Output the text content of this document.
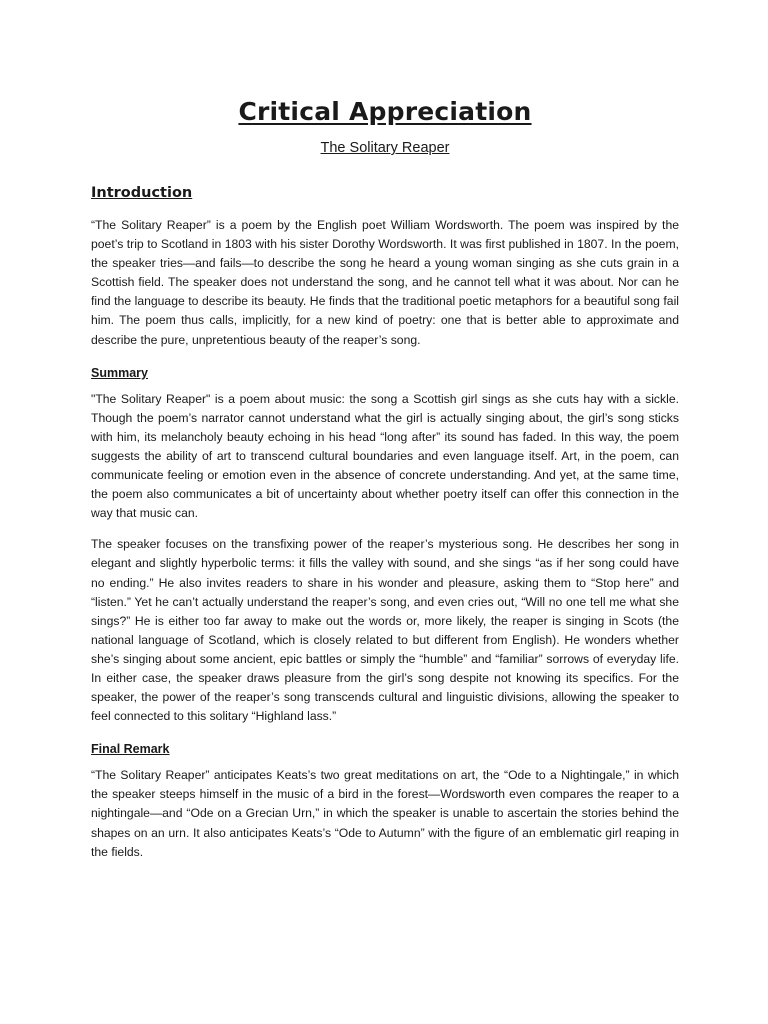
Critical Appreciation
The Solitary Reaper
Introduction

“The Solitary Reaper” is a poem by the English poet William Wordsworth. The poem was inspired by the poet’s trip to Scotland in 1803 with his sister Dorothy Wordsworth. It was first published in 1807. In the poem, the speaker tries—and fails—to describe the song he heard a young woman singing as she cuts grain in a Scottish field. The speaker does not understand the song, and he cannot tell what it was about. Nor can he find the language to describe its beauty. He finds that the traditional poetic metaphors for a beautiful song fail him. The poem thus calls, implicitly, for a new kind of poetry: one that is better able to approximate and describe the pure, unpretentious beauty of the reaper’s song.

Summary

"The Solitary Reaper" is a poem about music: the song a Scottish girl sings as she cuts hay with a sickle. Though the poem’s narrator cannot understand what the girl is actually singing about, the girl’s song sticks with him, its melancholy beauty echoing in his head “long after” its sound has faded. In this way, the poem suggests the ability of art to transcend cultural boundaries and even language itself. Art, in the poem, can communicate feeling or emotion even in the absence of concrete understanding. And yet, at the same time, the poem also communicates a bit of uncertainty about whether poetry itself can offer this connection in the way that music can.

The speaker focuses on the transfixing power of the reaper’s mysterious song. He describes her song in elegant and slightly hyperbolic terms: it fills the valley with sound, and she sings “as if her song could have no ending.” He also invites readers to share in his wonder and pleasure, asking them to “Stop here” and “listen.” Yet he can’t actually understand the reaper’s song, and even cries out, “Will no one tell me what she sings?” He is either too far away to make out the words or, more likely, the reaper is singing in Scots (the national language of Scotland, which is closely related to but different from English). He wonders whether she’s singing about some ancient, epic battles or simply the “humble” and “familiar” sorrows of everyday life. In either case, the speaker draws pleasure from the girl’s song despite not knowing its specifics. For the speaker, the power of the reaper’s song transcends cultural and linguistic divisions, allowing the speaker to feel connected to this solitary “Highland lass.”

Final Remark

“The Solitary Reaper” anticipates Keats’s two great meditations on art, the “Ode to a Nightingale,” in which the speaker steeps himself in the music of a bird in the forest—Wordsworth even compares the reaper to a nightingale—and “Ode on a Grecian Urn,” in which the speaker is unable to ascertain the stories behind the shapes on an urn. It also anticipates Keats’s “Ode to Autumn” with the figure of an emblematic girl reaping in the fields.
